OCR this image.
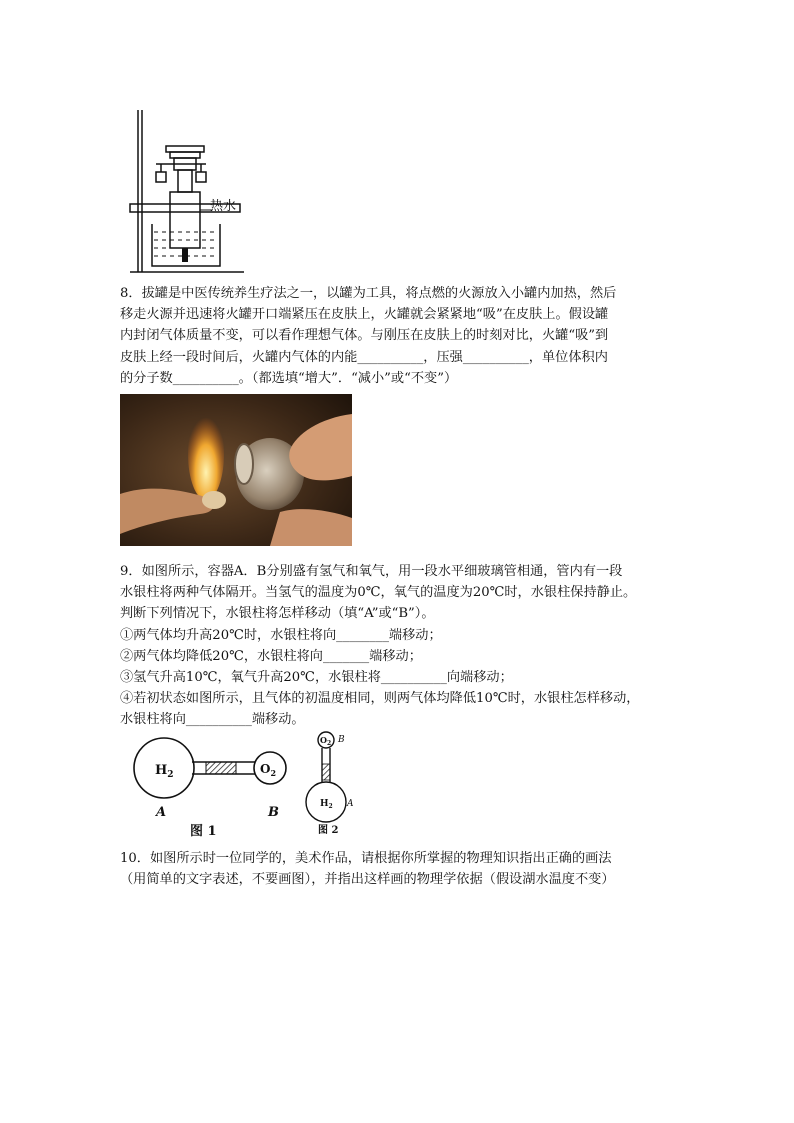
热水

8．拔罐是中医传统养生疗法之一，以罐为工具，将点燃的火源放入小罐内加热，然后

移走火源并迅速将火罐开口端紧压在皮肤上，火罐就会紧紧地“吸”在皮肤上。假设罐

内封闭气体质量不变，可以看作理想气体。与刚压在皮肤上的时刻对比，火罐“吸”到

皮肤上经一段时间后，火罐内气体的内能__________，压强__________，单位体积内

的分子数__________。（都选填“增大”．“减小”或“不变”）

9．如图所示，容器A．B分别盛有氢气和氧气，用一段水平细玻璃管相通，管内有一段

水银柱将两种气体隔开。当氢气的温度为0℃，氧气的温度为20℃时，水银柱保持静止。

判断下列情况下，水银柱将怎样移动（填“A”或“B”）。

①两气体均升高20℃时，水银柱将向________端移动；

②两气体均降低20℃，水银柱将向_______端移动；

③氢气升高10℃，氧气升高20℃，水银柱将__________向端移动；

④若初状态如图所示，且气体的初温度相同，则两气体均降低10℃时，水银柱怎样移动，

水银柱将向__________端移动。

$H_2$	$O_2$
A	B
图 1
$O_2$
$H_2$
B
A
图 2

10．如图所示时一位同学的，美术作品，请根据你所掌握的物理知识指出正确的画法

（用简单的文字表述，不要画图），并指出这样画的物理学依据（假设湖水温度不变）
